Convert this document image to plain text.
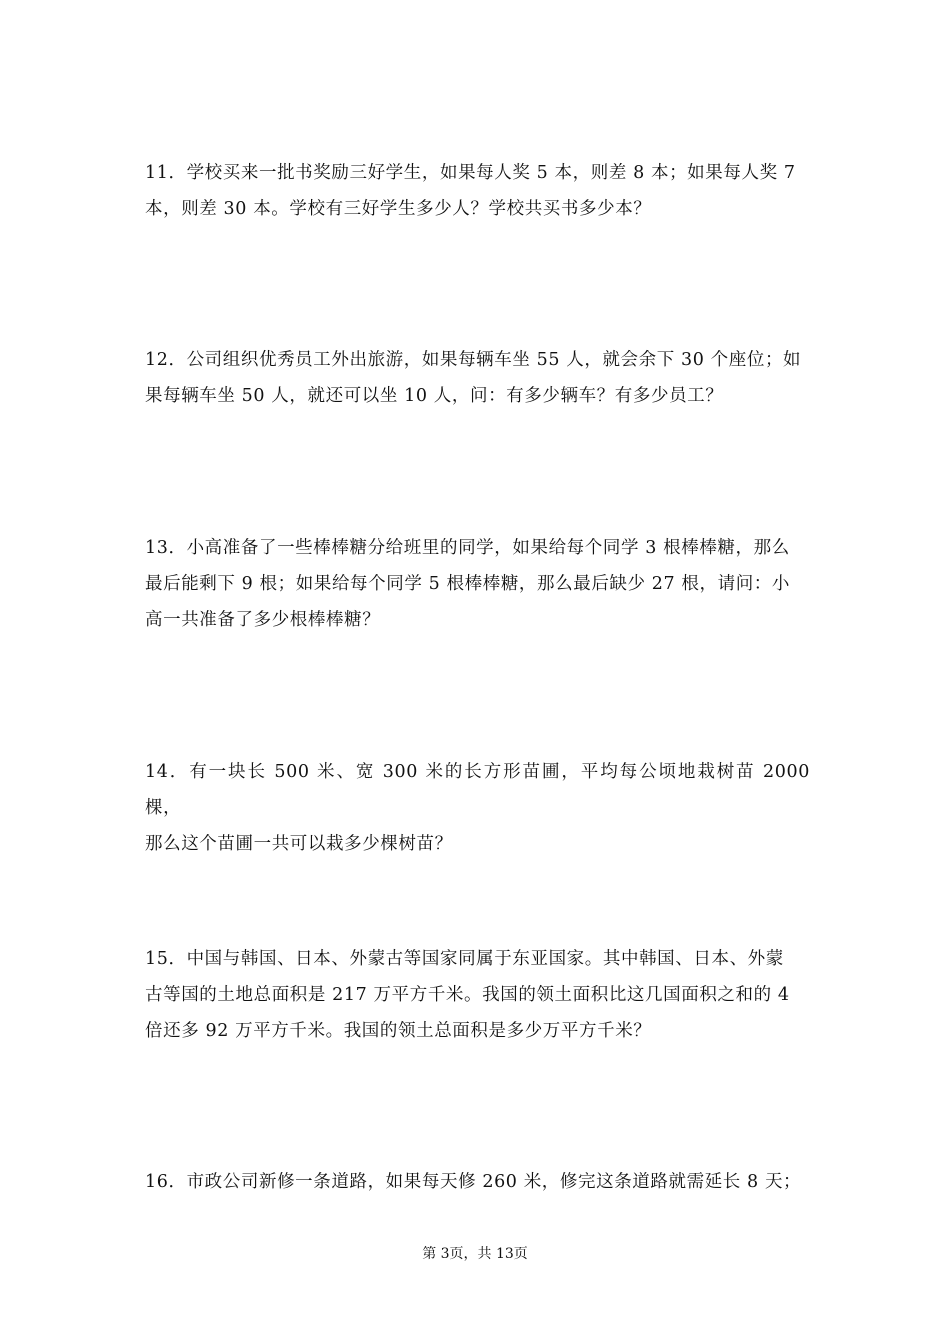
11．学校买来一批书奖励三好学生，如果每人奖 5 本，则差 8 本；如果每人奖 7
本，则差 30 本。学校有三好学生多少人？学校共买书多少本？
12．公司组织优秀员工外出旅游，如果每辆车坐 55 人，就会余下 30 个座位；如
果每辆车坐 50 人，就还可以坐 10 人，问：有多少辆车？有多少员工？
13．小高准备了一些棒棒糖分给班里的同学，如果给每个同学 3 根棒棒糖，那么
最后能剩下 9 根；如果给每个同学 5 根棒棒糖，那么最后缺少 27 根，请问：小
高一共准备了多少根棒棒糖？
14．有一块长 500 米、宽 300 米的长方形苗圃，平均每公顷地栽树苗 2000 棵，
那么这个苗圃一共可以栽多少棵树苗？
15．中国与韩国、日本、外蒙古等国家同属于东亚国家。其中韩国、日本、外蒙
古等国的土地总面积是 217 万平方千米。我国的领土面积比这几国面积之和的 4
倍还多 92 万平方千米。我国的领土总面积是多少万平方千米？
16．市政公司新修一条道路，如果每天修 260 米，修完这条道路就需延长 8 天；
第 3页，共 13页
